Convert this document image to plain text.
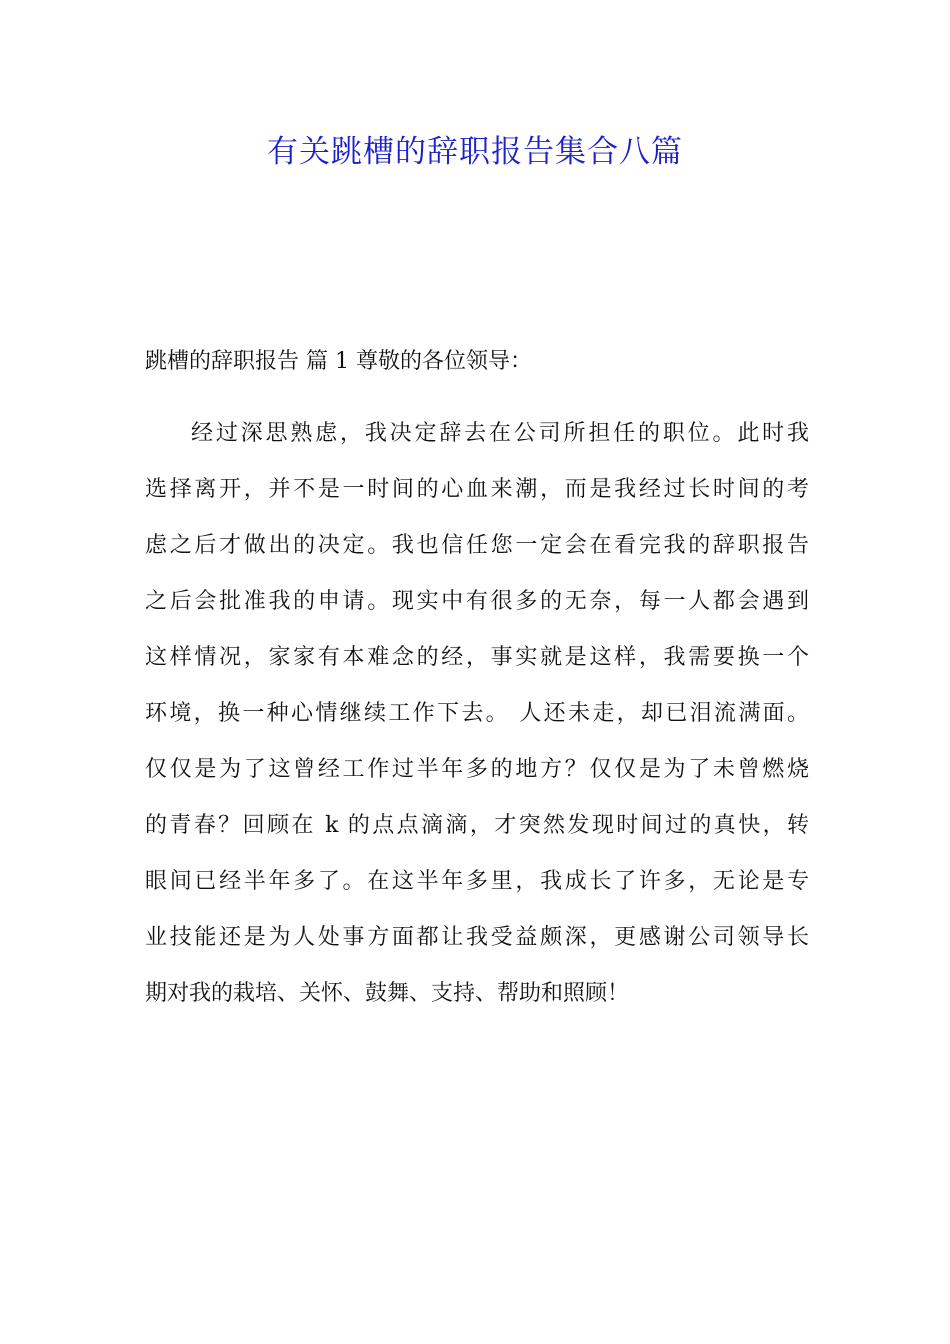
有关跳槽的辞职报告集合八篇
跳槽的辞职报告 篇 1 尊敬的各位领导：
经过深思熟虑，我决定辞去在公司所担任的职位。此时我
选择离开，并不是一时间的心血来潮，而是我经过长时间的考
虑之后才做出的决定。我也信任您一定会在看完我的辞职报告
之后会批准我的申请。现实中有很多的无奈，每一人都会遇到
这样情况，家家有本难念的经，事实就是这样，我需要换一个
环境，换一种心情继续工作下去。 人还未走，却已泪流满面。
仅仅是为了这曾经工作过半年多的地方？仅仅是为了未曾燃烧
的青春？回顾在 k 的点点滴滴，才突然发现时间过的真快，转
眼间已经半年多了。在这半年多里，我成长了许多，无论是专
业技能还是为人处事方面都让我受益颇深，更感谢公司领导长
期对我的栽培、关怀、鼓舞、支持、帮助和照顾！
